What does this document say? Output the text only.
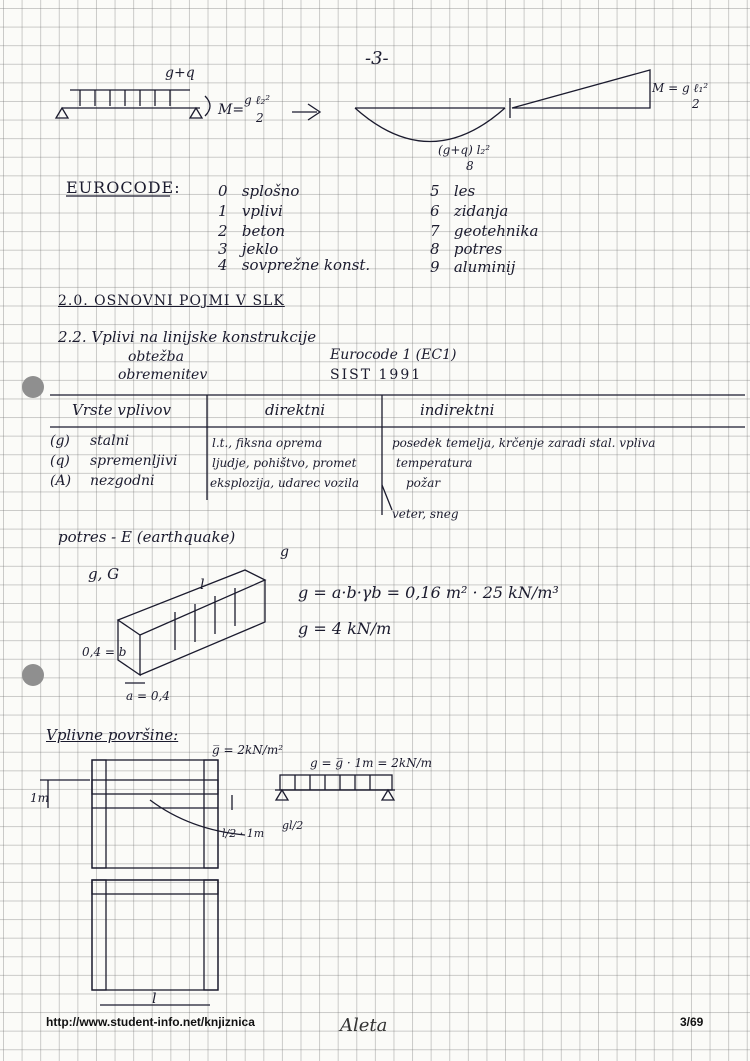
-3-
g+q
M=
g ℓ₂²
2
(g+q) l₂²
8
M = g ℓ₁²
2
EUROCODE: 0 splošno
1 vplivi
2 beton
3 jeklo
4 sovprežne konst.
5 les
6 zidanja
7 geotehnika
8 potres
9 aluminij
2.0. OSNOVNI POJMI V SLK
2.2. Vplivi na linijske konstrukcije
obtežba	Eurocode 1 (EC1)
obremenitev	SIST 1991
Vrste vplivov	direktni	indirektni
(g) stalni	l.t., fiksna oprema	posedek temelja, krčenje zaradi stal. vpliva
(q) spremenljivi	ljudje, pohištvo, promet	temperatura
(A) nezgodni	eksplozija, udarec vozila	požar
veter, sneg
potres - E (earthquake)
g, G
l
g
0,4 = b
a = 0,4
g = a·b·γb = 0,16 m² · 25 kN/m³
g = 4 kN/m
Vplivne površine:
g̅ = 2kN/m²
g = g̅ · 1m = 2kN/m
1m
l/2 · 1m
gl/2
l
http://www.student-info.net/knjiznica	Aleta	3/69
